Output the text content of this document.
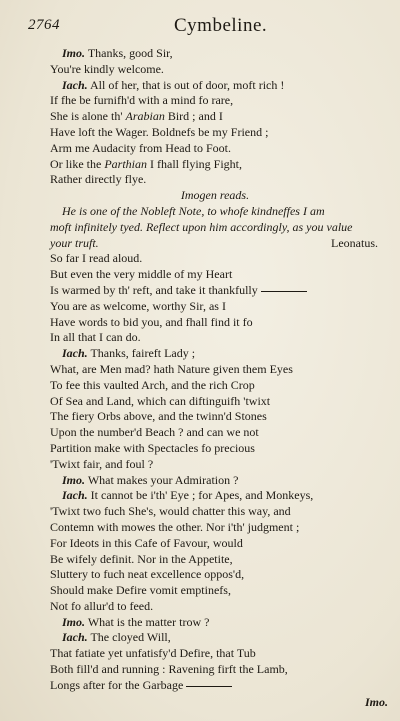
2764	Cymbeline.
Imo. Thanks, good Sir,
You're kindly welcome.
Iach. All of her, that is out of door, moft rich !
If fhe be furnifh'd with a mind fo rare,
She is alone th' Arabian Bird ; and I
Have loft the Wager. Boldnefs be my Friend ;
Arm me Audacity from Head to Foot.
Or like the Parthian I fhall flying Fight,
Rather directly flye.
Imogen reads.
He is one of the Nobleft Note, to whofe kindneffes I am
moft infinitely tyed. Reflect upon him accordingly, as you value
your truft.	Leonatus.
So far I read aloud.
But even the very middle of my Heart
Is warmed by th' reft, and take it thankfully
You are as welcome, worthy Sir, as I
Have words to bid you, and fhall find it fo
In all that I can do.
Iach. Thanks, faireft Lady ;
What, are Men mad? hath Nature given them Eyes
To fee this vaulted Arch, and the rich Crop
Of Sea and Land, which can diftinguifh 'twixt
The fiery Orbs above, and the twinn'd Stones
Upon the number'd Beach ? and can we not
Partition make with Spectacles fo precious
'Twixt fair, and foul ?
Imo. What makes your Admiration ?
Iach. It cannot be i'th' Eye ; for Apes, and Monkeys,
'Twixt two fuch She's, would chatter this way, and
Contemn with mowes the other. Nor i'th' judgment ;
For Ideots in this Cafe of Favour, would
Be wifely definit. Nor in the Appetite,
Sluttery to fuch neat excellence oppos'd,
Should make Defire vomit emptinefs,
Not fo allur'd to feed.
Imo. What is the matter trow ?
Iach. The cloyed Will,
That fatiate yet unfatisfy'd Defire, that Tub
Both fill'd and running : Ravening firft the Lamb,
Longs after for the Garbage
Imo.
